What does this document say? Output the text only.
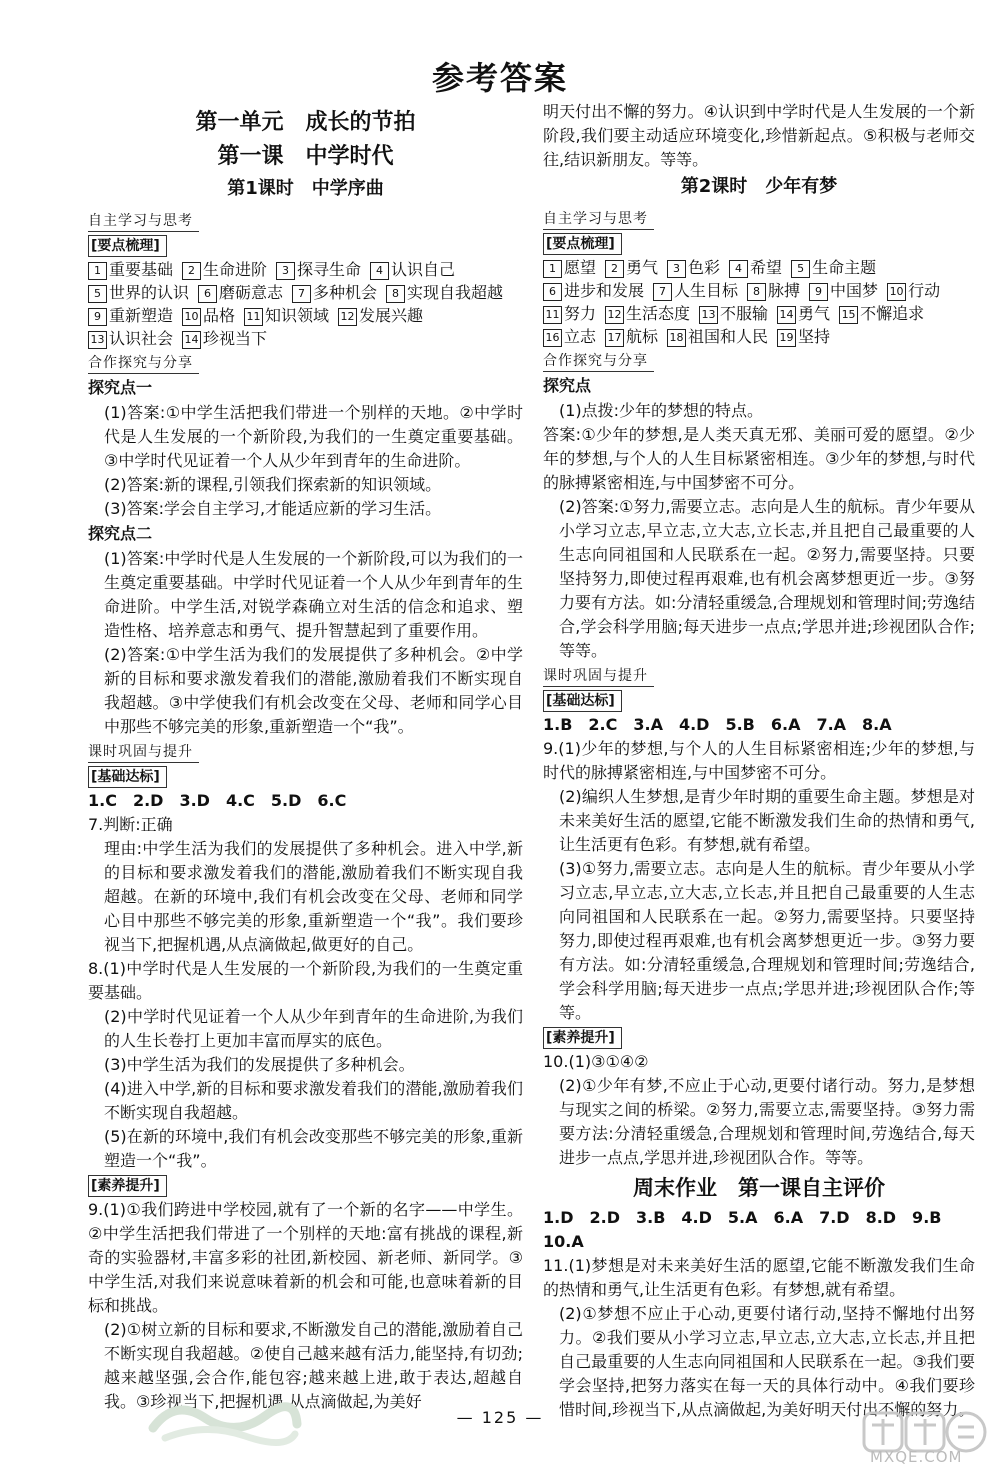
参考答案
第一单元　成长的节拍
第一课　中学时代
第1课时　中学序曲
自主学习与思考
[ 要点梳理 ]
1 重要基础 2 生命进阶 3 探寻生命 4 认识自己5 世界的认识 6 磨砺意志 7 多种机会 8 实现自我超越9 重新塑造 10 品格 11 知识领域 12 发展兴趣13 认识社会 14 珍视当下
合作探究与分享
探究点一

(1)答案:①中学生活把我们带进一个别样的天地。②中学时代是人生发展的一个新阶段,为我们的一生奠定重要基础。③中学时代见证着一个人从少年到青年的生命进阶。

(2)答案:新的课程,引领我们探索新的知识领域。

(3)答案:学会自主学习,才能适应新的学习生活。

探究点二

(1)答案:中学时代是人生发展的一个新阶段,可以为我们的一生奠定重要基础。中学时代见证着一个人从少年到青年的生命进阶。中学生活,对锐学森确立对生活的信念和追求、塑造性格、培养意志和勇气、提升智慧起到了重要作用。

(2)答案:①中学生活为我们的发展提供了多种机会。②中学新的目标和要求激发着我们的潜能,激励着我们不断实现自我超越。③中学使我们有机会改变在父母、老师和同学心目中那些不够完美的形象,重新塑造一个“我”。

课时巩固与提升
[ 基础达标 ]
1.C　2.D　3.D　4.C　5.D　6.C

7.判断:正确

理由:中学生活为我们的发展提供了多种机会。进入中学,新的目标和要求激发着我们的潜能,激励着我们不断实现自我超越。在新的环境中,我们有机会改变在父母、老师和同学心目中那些不够完美的形象,重新塑造一个“我”。我们要珍视当下,把握机遇,从点滴做起,做更好的自己。

8.(1)中学时代是人生发展的一个新阶段,为我们的一生奠定重要基础。

(2)中学时代见证着一个人从少年到青年的生命进阶,为我们的人生长卷打上更加丰富而厚实的底色。

(3)中学生活为我们的发展提供了多种机会。

(4)进入中学,新的目标和要求激发着我们的潜能,激励着我们不断实现自我超越。

(5)在新的环境中,我们有机会改变那些不够完美的形象,重新塑造一个“我”。

[ 素养提升 ]

9.(1)①我们跨进中学校园,就有了一个新的名字——中学生。②中学生活把我们带进了一个别样的天地:富有挑战的课程,新奇的实验器材,丰富多彩的社团,新校园、新老师、新同学。③中学生活,对我们来说意味着新的机会和可能,也意味着新的目标和挑战。

(2)①树立新的目标和要求,不断激发自己的潜能,激励着自己不断实现自我超越。②使自己越来越有活力,能坚持,有切劲;越来越坚强,会合作,能包容;越来越上进,敢于表达,超越自我。③珍视当下,把握机遇,从点滴做起,为美好

明天付出不懈的努力。④认识到中学时代是人生发展的一个新阶段,我们要主动适应环境变化,珍惜新起点。⑤积极与老师交往,结识新朋友。等等。

第2课时　少年有梦
自主学习与思考
[ 要点梳理 ]
1 愿望 2 勇气 3 色彩 4 希望 5 生命主题6 进步和发展 7 人生目标 8 脉搏 9 中国梦 10 行动11 努力 12 生活态度 13 不服输 14 勇气 15 不懈追求16 立志 17 航标 18 祖国和人民 19 坚持
合作探究与分享
探究点

(1)点拨:少年的梦想的特点。

答案:①少年的梦想,是人类天真无邪、美丽可爱的愿望。②少年的梦想,与个人的人生目标紧密相连。③少年的梦想,与时代的脉搏紧密相连,与中国梦密不可分。

(2)答案:①努力,需要立志。志向是人生的航标。青少年要从小学习立志,早立志,立大志,立长志,并且把自己最重要的人生志向同祖国和人民联系在一起。②努力,需要坚持。只要坚持努力,即使过程再艰难,也有机会离梦想更近一步。③努力要有方法。如:分清轻重缓急,合理规划和管理时间;劳逸结合,学会科学用脑;每天进步一点点;学思并进;珍视团队合作;等等。

课时巩固与提升
[ 基础达标 ]
1.B　2.C　3.A　4.D　5.B　6.A　7.A　8.A

9.(1)少年的梦想,与个人的人生目标紧密相连;少年的梦想,与时代的脉搏紧密相连,与中国梦密不可分。

(2)编织人生梦想,是青少年时期的重要生命主题。梦想是对未来美好生活的愿望,它能不断激发我们生命的热情和勇气,让生活更有色彩。有梦想,就有希望。

(3)①努力,需要立志。志向是人生的航标。青少年要从小学习立志,早立志,立大志,立长志,并且把自己最重要的人生志向同祖国和人民联系在一起。②努力,需要坚持。只要坚持努力,即使过程再艰难,也有机会离梦想更近一步。③努力要有方法。如:分清轻重缓急,合理规划和管理时间;劳逸结合,学会科学用脑;每天进步一点点;学思并进;珍视团队合作;等等。

[ 素养提升 ]

10.(1)③①④②

(2)①少年有梦,不应止于心动,更要付诸行动。努力,是梦想与现实之间的桥梁。②努力,需要立志,需要坚持。③努力需要方法:分清轻重缓急,合理规划和管理时间,劳逸结合,每天进步一点点,学思并进,珍视团队合作。等等。

周末作业　第一课自主评价
1.D　2.D　3.B　4.D　5.A　6.A　7.D　8.D　9.B　10.A

11.(1)梦想是对未来美好生活的愿望,它能不断激发我们生命的热情和勇气,让生活更有色彩。有梦想,就有希望。

(2)①梦想不应止于心动,更要付诸行动,坚持不懈地付出努力。②我们要从小学习立志,早立志,立大志,立长志,并且把自己最重要的人生志向同祖国和人民联系在一起。③我们要学会坚持,把努力落实在每一天的具体行动中。④我们要珍惜时间,珍视当下,从点滴做起,为美好明天付出不懈的努力。

— 125 —
MXQE.COM
